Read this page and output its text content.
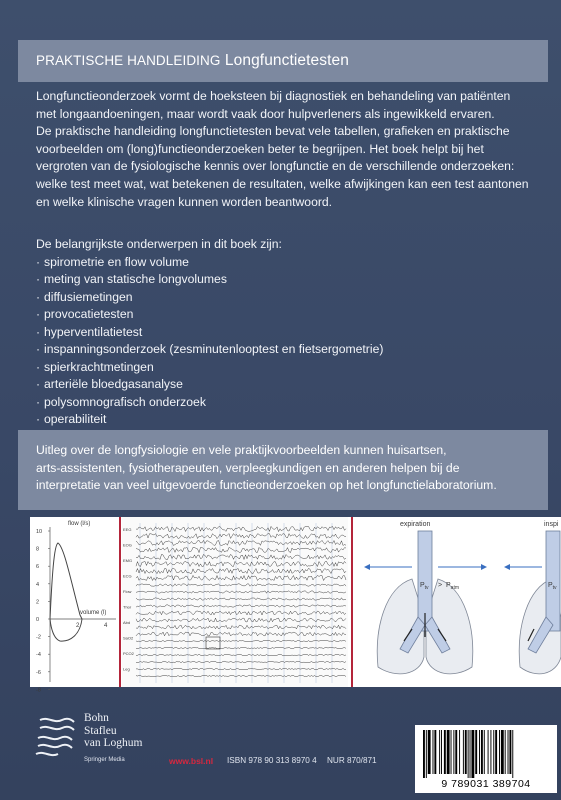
PRAKTISCHE HANDLEIDING Longfunctietesten
Longfunctieonderzoek vormt de hoeksteen bij diagnostiek en behandeling van patiënten
met longaandoeningen, maar wordt vaak door hulpverleners als ingewikkeld ervaren.
De praktische handleiding longfunctietesten bevat vele tabellen, grafieken en praktische
voorbeelden om (long)functieonderzoeken beter te begrijpen. Het boek helpt bij het
vergroten van de fysiologische kennis over longfunctie en de verschillende onderzoeken:
welke test meet wat, wat betekenen de resultaten, welke afwijkingen kan een test aantonen
en welke klinische vragen kunnen worden beantwoord.
De belangrijkste onderwerpen in dit boek zijn:
· spirometrie en flow volume
· meting van statische longvolumes
· diffusiemetingen
· provocatietesten
· hyperventilatietest
· inspanningsonderzoek (zesminutenlooptest en fietsergometrie)
· spierkrachtmetingen
· arteriële bloedgasanalyse
· polysomnografisch onderzoek
· operabiliteit
Uitleg over de longfysiologie en vele praktijkvoorbeelden kunnen huisartsen,
arts-assistenten, fysiotherapeuten, verpleegkundigen en anderen helpen bij de
interpretatie van veel uitgevoerde functieonderzoeken op het longfunctielaboratorium.
flow (l/s)
10
8
6
4
2
0
-2
-4
-6
-8
volume (l)
2	4
EEG
EOG
EMG
ECG
Flow
Thor
Abd
SaO2
PCO2
Leg
expiration	inspi
$P_{tv} > P_{atm}$	$P_{tv}$
Bohn
Stafleu
van Loghum
Springer Media	www.bsl.nl ISBN 978 90 313 8970 4 NUR 870/871
9 789031 389704
